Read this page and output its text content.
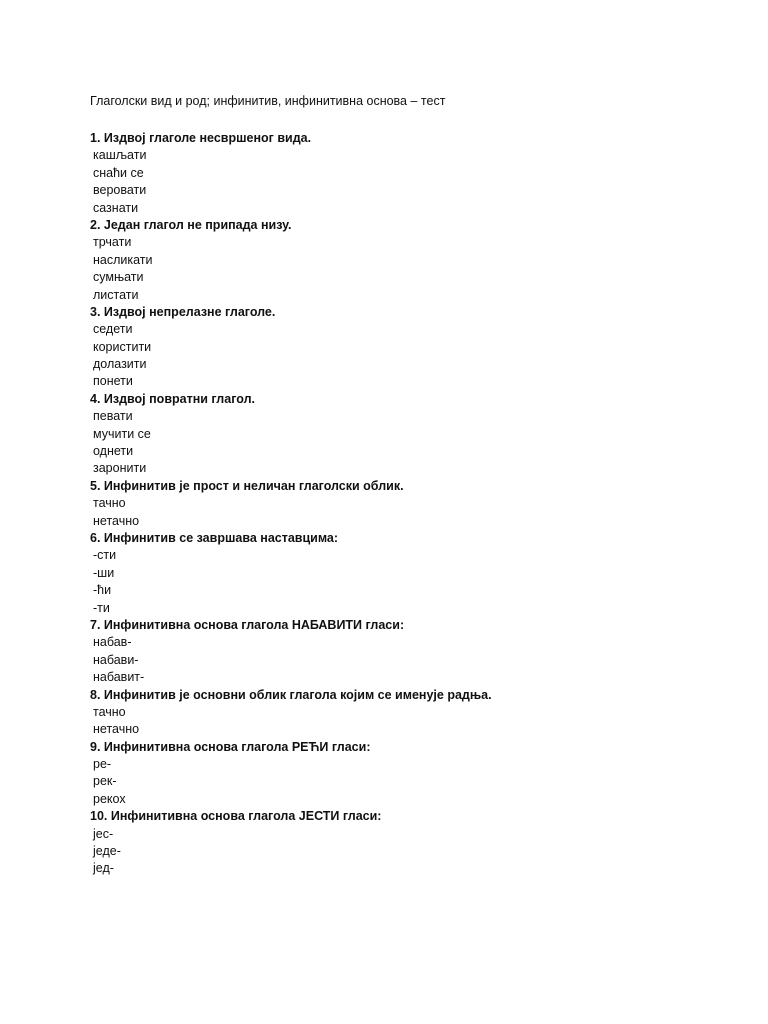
Глаголски вид и род; инфинитив, инфинитивна основа – тест
1. Издвој глаголе несвршеног вида.
кашљати
снаћи се
веровати
сазнати
2. Један глагол не припада низу.
трчати
насликати
сумњати
листати
3. Издвој непрелазне глаголе.
седети
користити
долазити
понети
4. Издвој повратни глагол.
певати
мучити се
однети
заронити
5. Инфинитив је прост и неличан глаголски облик.
тачно
нетачно
6. Инфинитив се завршава наставцима:
-сти
-ши
-ћи
-ти
7. Инфинитивна основа глагола НАБАВИТИ гласи:
набав-
набави-
набавит-
8. Инфинитив је основни облик глагола којим се именује радња.
тачно
нетачно
9. Инфинитивна основа глагола РЕЋИ гласи:
ре-
рек-
рекох
10. Инфинитивна основа глагола ЈЕСТИ гласи:
јес-
једе-
јед-
